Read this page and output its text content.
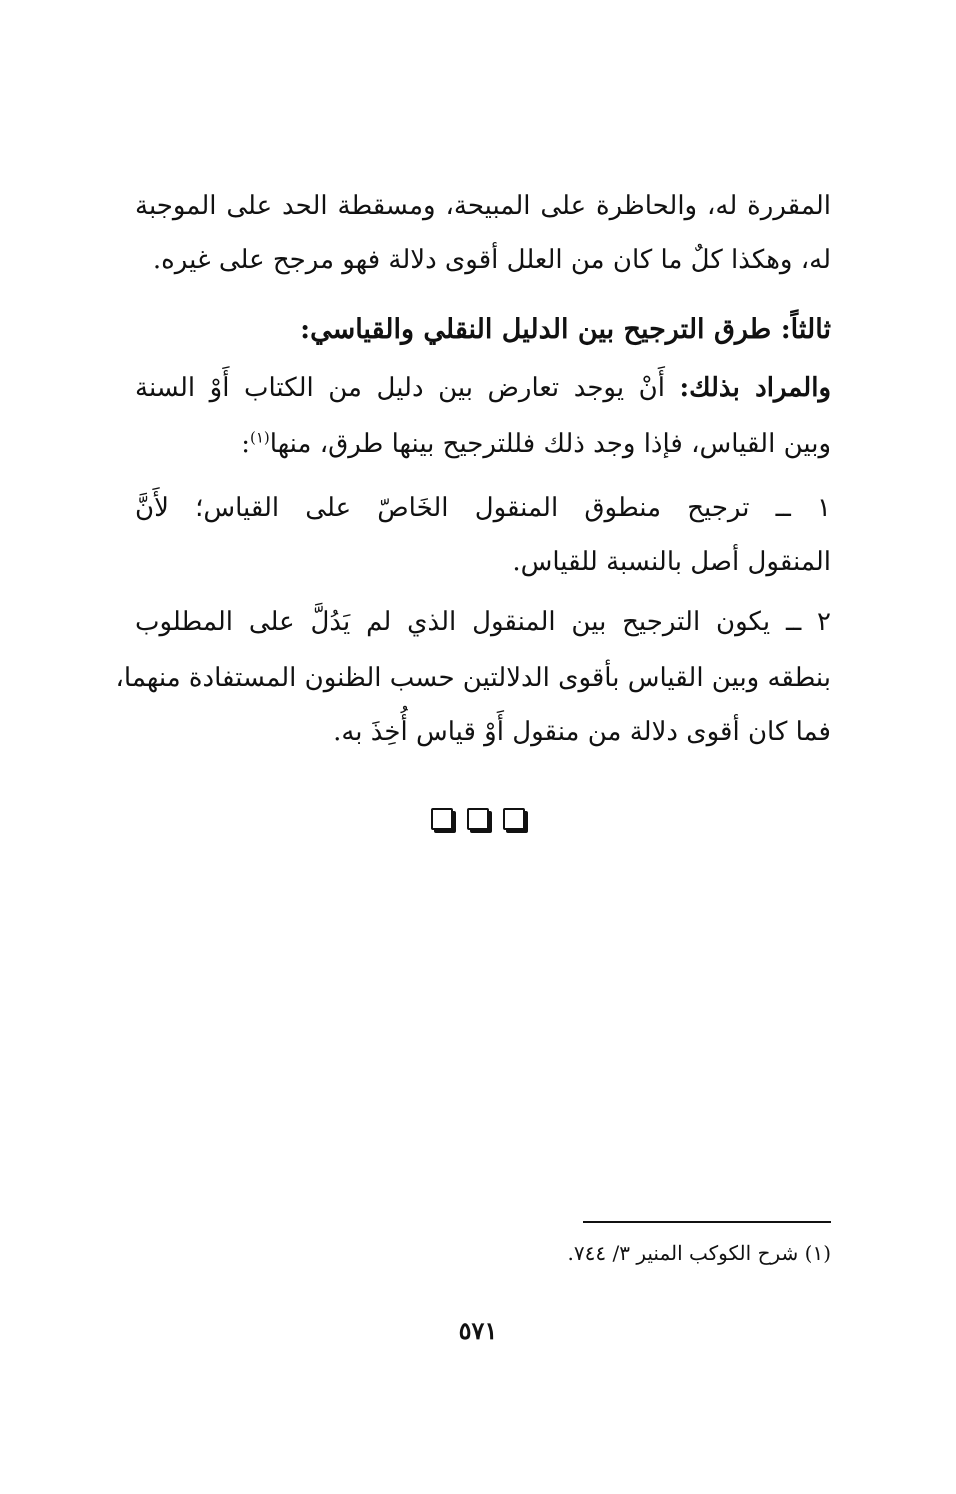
المقررة له، والحاظرة على المبيحة، ومسقطة الحد على الموجبة
له، وهكذا كلٌ ما كان من العلل أقوى دلالة فهو مرجح على غيره.
ثالثاً: طرق الترجيح بين الدليل النقلي والقياسي:
والمراد بذلك: أَنْ يوجد تعارض بين دليل من الكتاب أَوْ السنة
وبين القياس، فإذا وجد ذلك فللترجيح بينها طرق، منها$^{(١)}$:
١ ــ ترجيح منطوق المنقول الخَاصّ على القياس؛ لأَنَّ
المنقول أصل بالنسبة للقياس.
٢ ــ يكون الترجيح بين المنقول الذي لم يَدُلَّ على المطلوب
بنطقه وبين القياس بأقوى الدلالتين حسب الظنون المستفادة منهما،
فما كان أقوى دلالة من منقول أَوْ قياس أُخِذَ به.
(١) شرح الكوكب المنير ٣/ ٧٤٤.
٥٧١
